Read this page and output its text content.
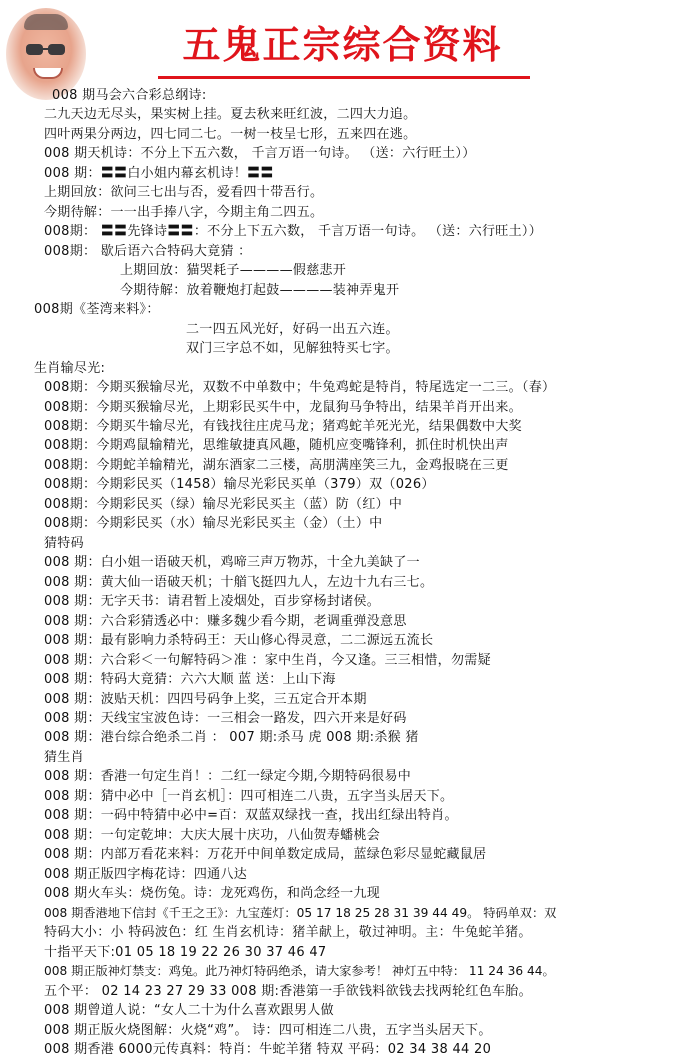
五鬼正宗综合资料
008 期马会六合彩总纲诗:
二九天边无尽头，果实树上挂。夏去秋来旺红波，二四大力追。
四叶两果分两边，四七同二七。一树一枝呈七形，五来四在逃。
008 期天机诗：不分上下五六数， 千言万语一句诗。 （送：六行旺土））
008 期：〓〓白小姐内幕玄机诗！〓〓
上期回放：欲问三七出与否，爱看四十带吾行。
今期待解：一一出手捧八字，今期主角二四五。
008期： 〓〓先锋诗〓〓：不分上下五六数， 千言万语一句诗。 （送：六行旺土））
008期： 歇后语六合特码大竟猜 ：
上期回放：猫哭耗子————假慈悲开
今期待解：放着鞭炮打起鼓————装神弄鬼开
008期《荃湾来料》：
二一四五风光好，好码一出五六连。
双门三字总不如，见解独特买七字。
生肖输尽光:
008期：今期买猴输尽光，双数不中单数中；牛兔鸡蛇是特肖，特尾选定一二三。（春）
008期：今期买猴输尽光，上期彩民买牛中，龙鼠狗马争特出，结果羊肖开出来。
008期：今期买牛输尽光，有钱找往庄虎马龙；猪鸡蛇羊死光光，结果偶数中大奖
008期：今期鸡鼠输精光，思维敏捷真风趣，随机应变嘴锋利，抓住时机快出声
008期：今期蛇羊输精光，湖东酒家二三楼，高朋满座笑三九，金鸡报晓在三更
008期：今期彩民买（1458）输尽光彩民买单（379）双（026）
008期：今期彩民买（绿）输尽光彩民买主（蓝）防（红）中
008期：今期彩民买（水）输尽光彩民买主（金）（土）中
猜特码
008 期：白小姐一语破天机，鸡啼三声万物苏，十全九美缺了一
008 期：黄大仙一语破天机；十艏飞挺四九人，左边十九右三七。
008 期：无字天书：请君暂上凌烟处，百步穿杨封诸侯。
008 期：六合彩猜透必中：赚多魏少看今期，老调重弹没意思
008 期：最有影响力杀特码王：天山修心得灵意，二二源远五流长
008 期：六合彩＜一句解特码＞准 ：家中生肖，今又逢。三三相惜，勿需疑
008 期：特码大竟猜：六六大顺 蓝 送：上山下海
008 期：波贴天机：四四号码争上奖，三五定合开本期
008 期：天线宝宝波色诗：一三相会一路发，四六开来是好码
008 期：港台综合绝杀二肖 ： 007 期:杀马 虎 008 期:杀猴 猪
猜生肖
008 期：香港一句定生肖！：二红一绿定今期,今期特码很易中
008 期：猜中必中［一肖玄机］：四可相连二八贵，五字当头居天下。
008 期：一码中特猜中必中=百：双蓝双绿找一查，找出红绿出特肖。
008 期：一句定乾坤：大庆大展十庆功，八仙贺寿蟠桃会
008 期：内部万看花来料：万花开中间单数定成局，蓝绿色彩尽显蛇藏鼠居
008 期正版四字梅花诗：四通八达
008 期火车头：烧伤兔。诗：龙死鸡伤，和尚念经一九现
008 期香港地下信封《千王之王》：九宝莲灯：05 17 18 25 28 31 39 44 49。 特码单双：双
特码大小：小 特码波色：红 生肖玄机诗：猪羊献上，敬过神明。主：牛兔蛇羊猪。
十指平天下:01 05 18 19 22 26 30 37 46 47
008 期正版神灯禁支：鸡兔。此乃神灯特码绝杀，请大家参考！ 神灯五中特： 11 24 36 44。
五个平： 02 14 23 27 29 33 008 期:香港第一手欲钱料欲钱去找两轮红色车胎。
008 期曾道人说：“女人二十为什么喜欢跟男人做
008 期正版火烧图解：火烧“鸡”。 诗：四可相连二八贵，五字当头居天下。
008 期香港 6000元传真料：特肖：牛蛇羊猪 特双 平码：02 34 38 44 20
